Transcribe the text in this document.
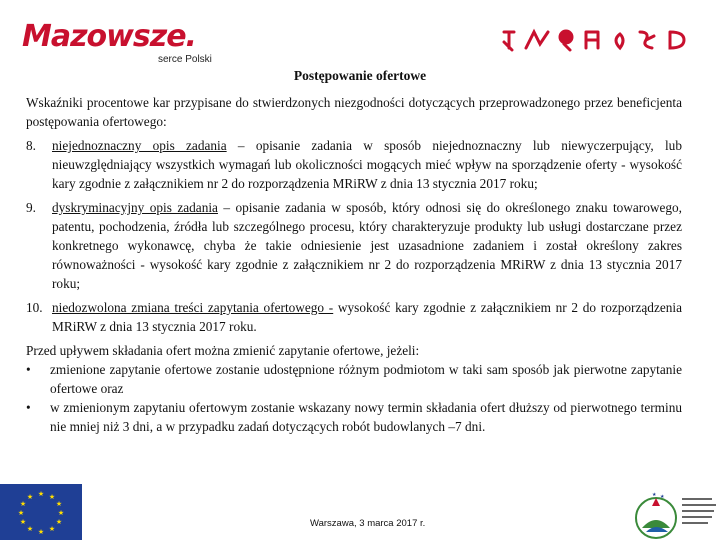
Mazowsze.
serce Polski
Postępowanie ofertowe

Wskaźniki procentowe kar przypisane do stwierdzonych niezgodności dotyczących przeprowadzonego przez beneficjenta postępowania ofertowego:

8.	niejednoznaczny opis zadania – opisanie zadania w sposób niejednoznaczny lub niewyczerpujący, lub nieuwzględniający wszystkich wymagań lub okoliczności mogących mieć wpływ na sporządzenie oferty - wysokość kary zgodnie z załącznikiem nr 2 do rozporządzenia MRiRW z dnia 13 stycznia 2017 roku;
9.	dyskryminacyjny opis zadania – opisanie zadania w sposób, który odnosi się do określonego znaku towarowego, patentu, pochodzenia, źródła lub szczególnego procesu, który charakteryzuje produkty lub usługi dostarczane przez konkretnego wykonawcę, chyba że takie odniesienie jest uzasadnione zadaniem i został określony zakres równoważności - wysokość kary zgodnie z załącznikiem nr 2 do rozporządzenia MRiRW z dnia 13 stycznia 2017 roku;
10. niedozwolona zmiana treści zapytania ofertowego - wysokość kary zgodnie z załącznikiem nr 2 do rozporządzenia MRiRW z dnia 13 stycznia 2017 roku.

Przed upływem składania ofert można zmienić zapytanie ofertowe, jeżeli:

•	zmienione zapytanie ofertowe zostanie udostępnione różnym podmiotom w taki sam sposób jak pierwotne zapytanie ofertowe oraz
•	w zmienionym zapytaniu ofertowym zostanie wskazany nowy termin składania ofert dłuższy od pierwotnego terminu nie mniej niż 3 dni, a w przypadku zadań dotyczących robót budowlanych –7 dni.
★ ★
★
★
★
★
★
★
★
★
★
★
Warszawa, 3 marca 2017 r.
★ ★
